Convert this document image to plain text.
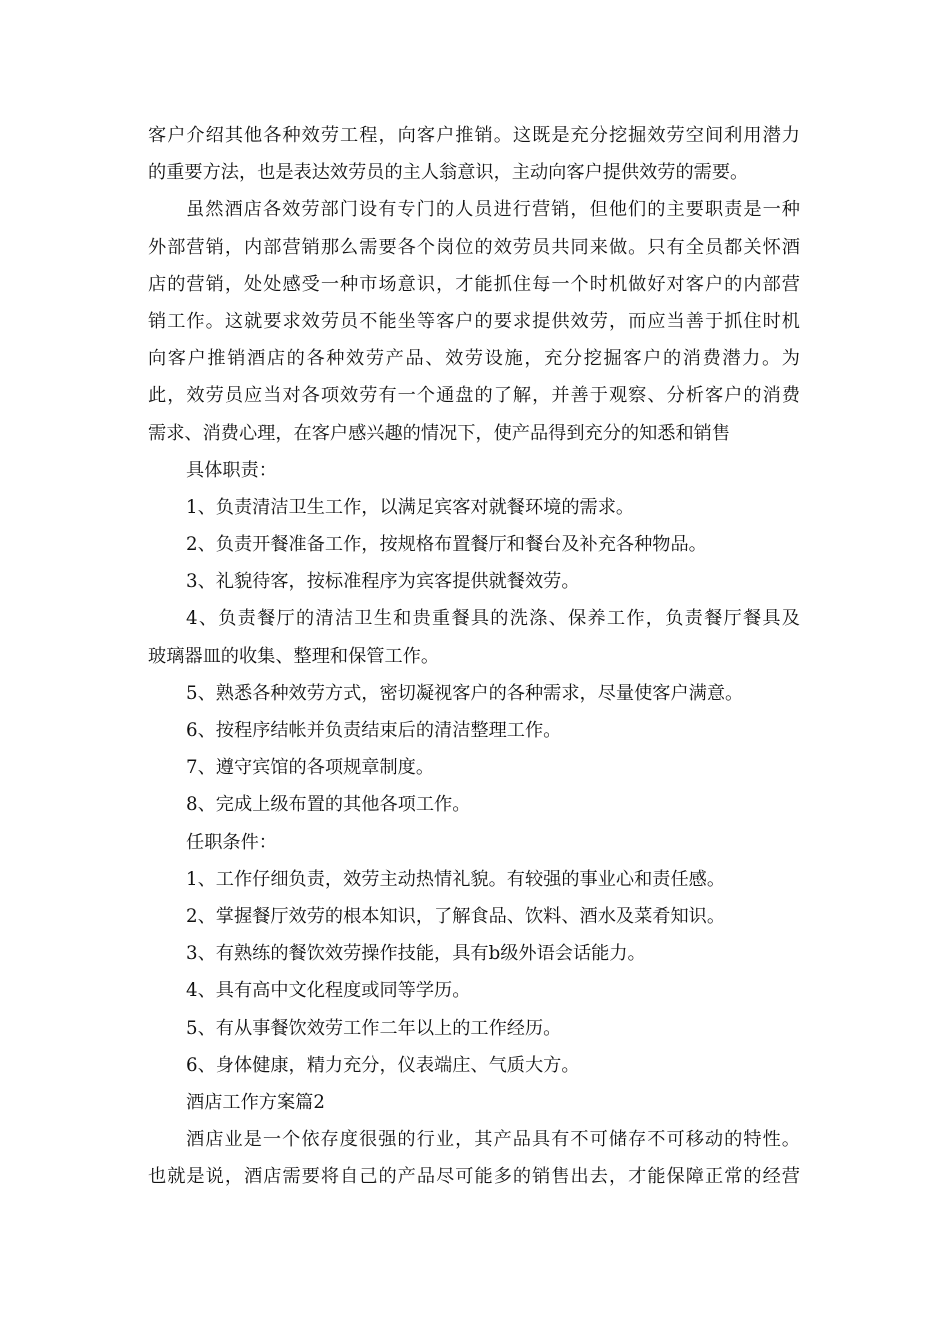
客户介绍其他各种效劳工程，向客户推销。这既是充分挖掘效劳空间利用潜力
的重要方法，也是表达效劳员的主人翁意识，主动向客户提供效劳的需要。
虽然酒店各效劳部门设有专门的人员进行营销，但他们的主要职责是一种
外部营销，内部营销那么需要各个岗位的效劳员共同来做。只有全员都关怀酒
店的营销，处处感受一种市场意识，才能抓住每一个时机做好对客户的内部营
销工作。这就要求效劳员不能坐等客户的要求提供效劳，而应当善于抓住时机
向客户推销酒店的各种效劳产品、效劳设施，充分挖掘客户的消费潜力。为
此，效劳员应当对各项效劳有一个通盘的了解，并善于观察、分析客户的消费
需求、消费心理，在客户感兴趣的情况下，使产品得到充分的知悉和销售
具体职责：
1、负责清洁卫生工作，以满足宾客对就餐环境的需求。
2、负责开餐准备工作，按规格布置餐厅和餐台及补充各种物品。
3、礼貌待客，按标准程序为宾客提供就餐效劳。
4、负责餐厅的清洁卫生和贵重餐具的洗涤、保养工作，负责餐厅餐具及
玻璃器皿的收集、整理和保管工作。
5、熟悉各种效劳方式，密切凝视客户的各种需求，尽量使客户满意。
6、按程序结帐并负责结束后的清洁整理工作。
7、遵守宾馆的各项规章制度。
8、完成上级布置的其他各项工作。
任职条件：
1、工作仔细负责，效劳主动热情礼貌。有较强的事业心和责任感。
2、掌握餐厅效劳的根本知识，了解食品、饮料、酒水及菜肴知识。
3、有熟练的餐饮效劳操作技能，具有b级外语会话能力。
4、具有高中文化程度或同等学历。
5、有从事餐饮效劳工作二年以上的工作经历。
6、身体健康，精力充分，仪表端庄、气质大方。
酒店工作方案篇2
酒店业是一个依存度很强的行业，其产品具有不可储存不可移动的特性。
也就是说，酒店需要将自己的产品尽可能多的销售出去，才能保障正常的经营
